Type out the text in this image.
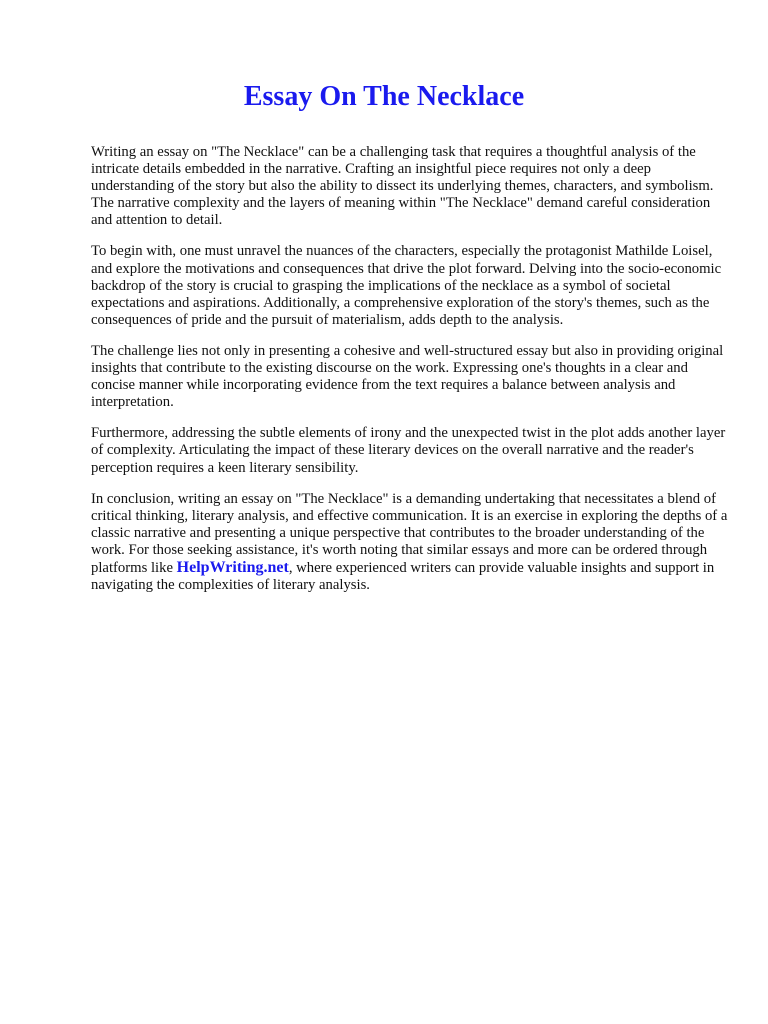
Essay On The Necklace

Writing an essay on "The Necklace" can be a challenging task that requires a thoughtful analysis of the intricate details embedded in the narrative. Crafting an insightful piece requires not only a deep understanding of the story but also the ability to dissect its underlying themes, characters, and symbolism. The narrative complexity and the layers of meaning within "The Necklace" demand careful consideration and attention to detail.

To begin with, one must unravel the nuances of the characters, especially the protagonist Mathilde Loisel, and explore the motivations and consequences that drive the plot forward. Delving into the socio-economic backdrop of the story is crucial to grasping the implications of the necklace as a symbol of societal expectations and aspirations. Additionally, a comprehensive exploration of the story's themes, such as the consequences of pride and the pursuit of materialism, adds depth to the analysis.

The challenge lies not only in presenting a cohesive and well-structured essay but also in providing original insights that contribute to the existing discourse on the work. Expressing one's thoughts in a clear and concise manner while incorporating evidence from the text requires a balance between analysis and interpretation.

Furthermore, addressing the subtle elements of irony and the unexpected twist in the plot adds another layer of complexity. Articulating the impact of these literary devices on the overall narrative and the reader's perception requires a keen literary sensibility.

In conclusion, writing an essay on "The Necklace" is a demanding undertaking that necessitates a blend of critical thinking, literary analysis, and effective communication. It is an exercise in exploring the depths of a classic narrative and presenting a unique perspective that contributes to the broader understanding of the work. For those seeking assistance, it's worth noting that similar essays and more can be ordered through platforms like HelpWriting.net, where experienced writers can provide valuable insights and support in navigating the complexities of literary analysis.
